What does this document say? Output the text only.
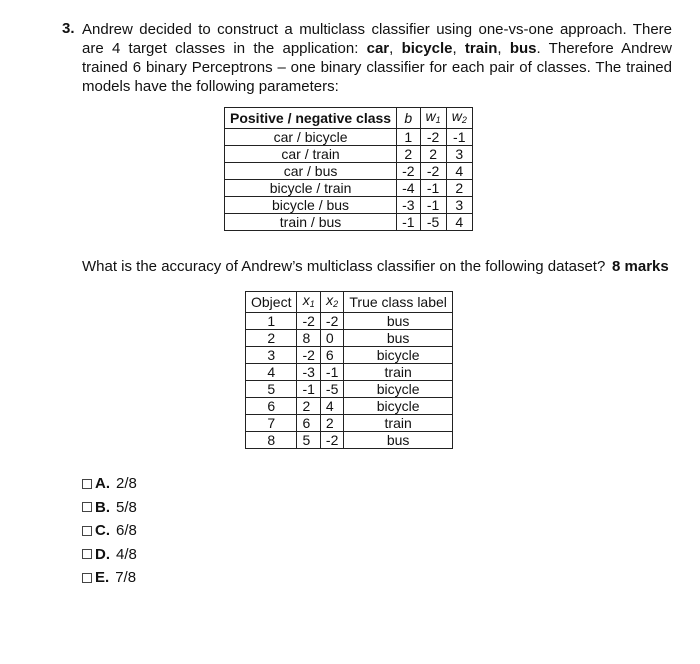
3. Andrew decided to construct a multiclass classifier using one-vs-one approach. There are 4 target classes in the application: car, bicycle, train, bus. Therefore Andrew trained 6 binary Perceptrons – one binary classifier for each pair of classes. The trained models have the following parameters:
Positive / negative class	b	$w_1$	$w_2$
car / bicycle	1	-2	-1
car / train	2	2	3
car / bus	-2	-2	4
bicycle / train	-4	-1	2
bicycle / bus	-3	-1	3
train / bus	-1	-5	4
What is the accuracy of Andrew’s multiclass classifier on the following dataset? 8 marks
Object	$x_1$	$x_2$	True class label
1	-2	-2	bus
2	8	0	bus
3	-2	6	bicycle
4	-3	-1	train
5	-1	-5	bicycle
6	2	4	bicycle
7	6	2	train
8	5	-2	bus
A. 2/8
B. 5/8
C. 6/8
D. 4/8
E. 7/8
